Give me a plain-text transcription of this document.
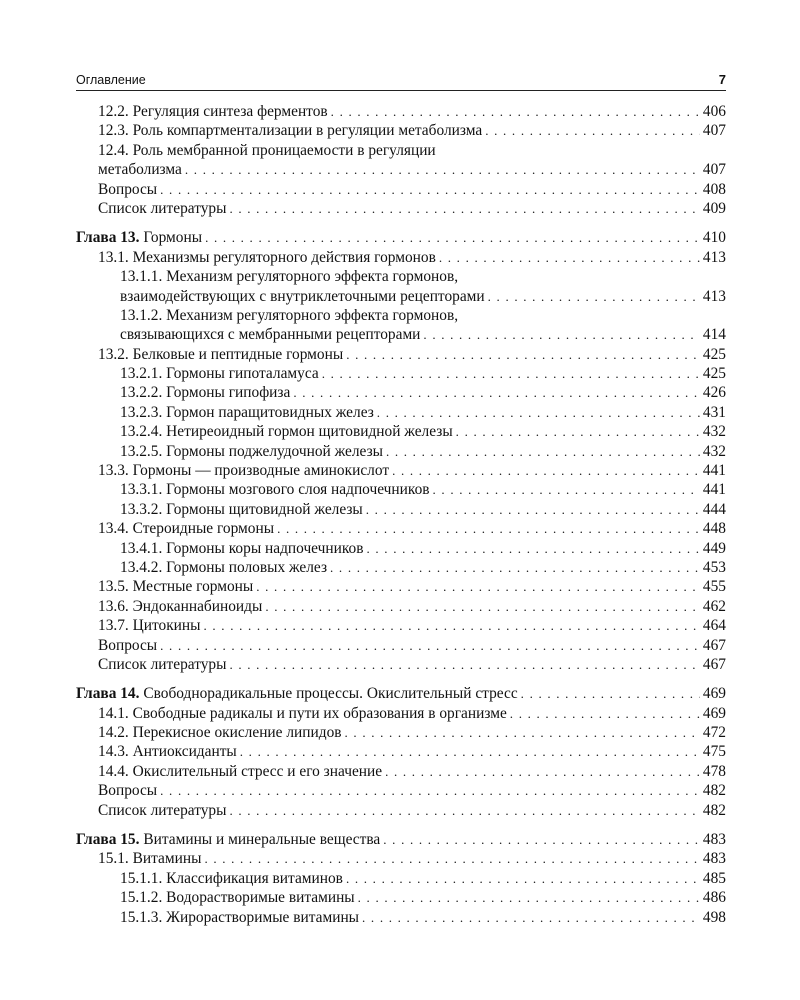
Оглавление	7
12.2. Регуляция синтеза ферментов . . .	406
12.3. Роль компартментализации в регуляции метаболизма . . .	407
12.4. Роль мембранной проницаемости в регуляции
метаболизма . . .	407
Вопросы . . .	408
Список литературы . . .	409
Глава 13. Гормоны . . .	410
13.1. Механизмы регуляторного действия гормонов . . .	413
13.1.1. Механизм регуляторного эффекта гормонов,
взаимодействующих с внутриклеточными рецепторами . . .	413
13.1.2. Механизм регуляторного эффекта гормонов,
связывающихся с мембранными рецепторами . . .	414
13.2. Белковые и пептидные гормоны . . .	425
13.2.1. Гормоны гипоталамуса . . .	425
13.2.2. Гормоны гипофиза . . .	426
13.2.3. Гормон паращитовидных желез . . .	431
13.2.4. Нетиреоидный гормон щитовидной железы . . .	432
13.2.5. Гормоны поджелудочной железы . . .	432
13.3. Гормоны — производные аминокислот . . .	441
13.3.1. Гормоны мозгового слоя надпочечников . . .	441
13.3.2. Гормоны щитовидной железы . . .	444
13.4. Стероидные гормоны . . .	448
13.4.1. Гормоны коры надпочечников . . .	449
13.4.2. Гормоны половых желез . . .	453
13.5. Местные гормоны . . .	455
13.6. Эндоканнабиноиды . . .	462
13.7. Цитокины . . .	464
Вопросы . . .	467
Список литературы . . .	467
Глава 14. Свободнорадикальные процессы. Окислительный стресс . . .	469
14.1. Свободные радикалы и пути их образования в организме . . .	469
14.2. Перекисное окисление липидов . . .	472
14.3. Антиоксиданты . . .	475
14.4. Окислительный стресс и его значение . . .	478
Вопросы . . .	482
Список литературы . . .	482
Глава 15. Витамины и минеральные вещества . . .	483
15.1. Витамины . . .	483
15.1.1. Классификация витаминов . . .	485
15.1.2. Водорастворимые витамины . . .	486
15.1.3. Жирорастворимые витамины . . .	498
